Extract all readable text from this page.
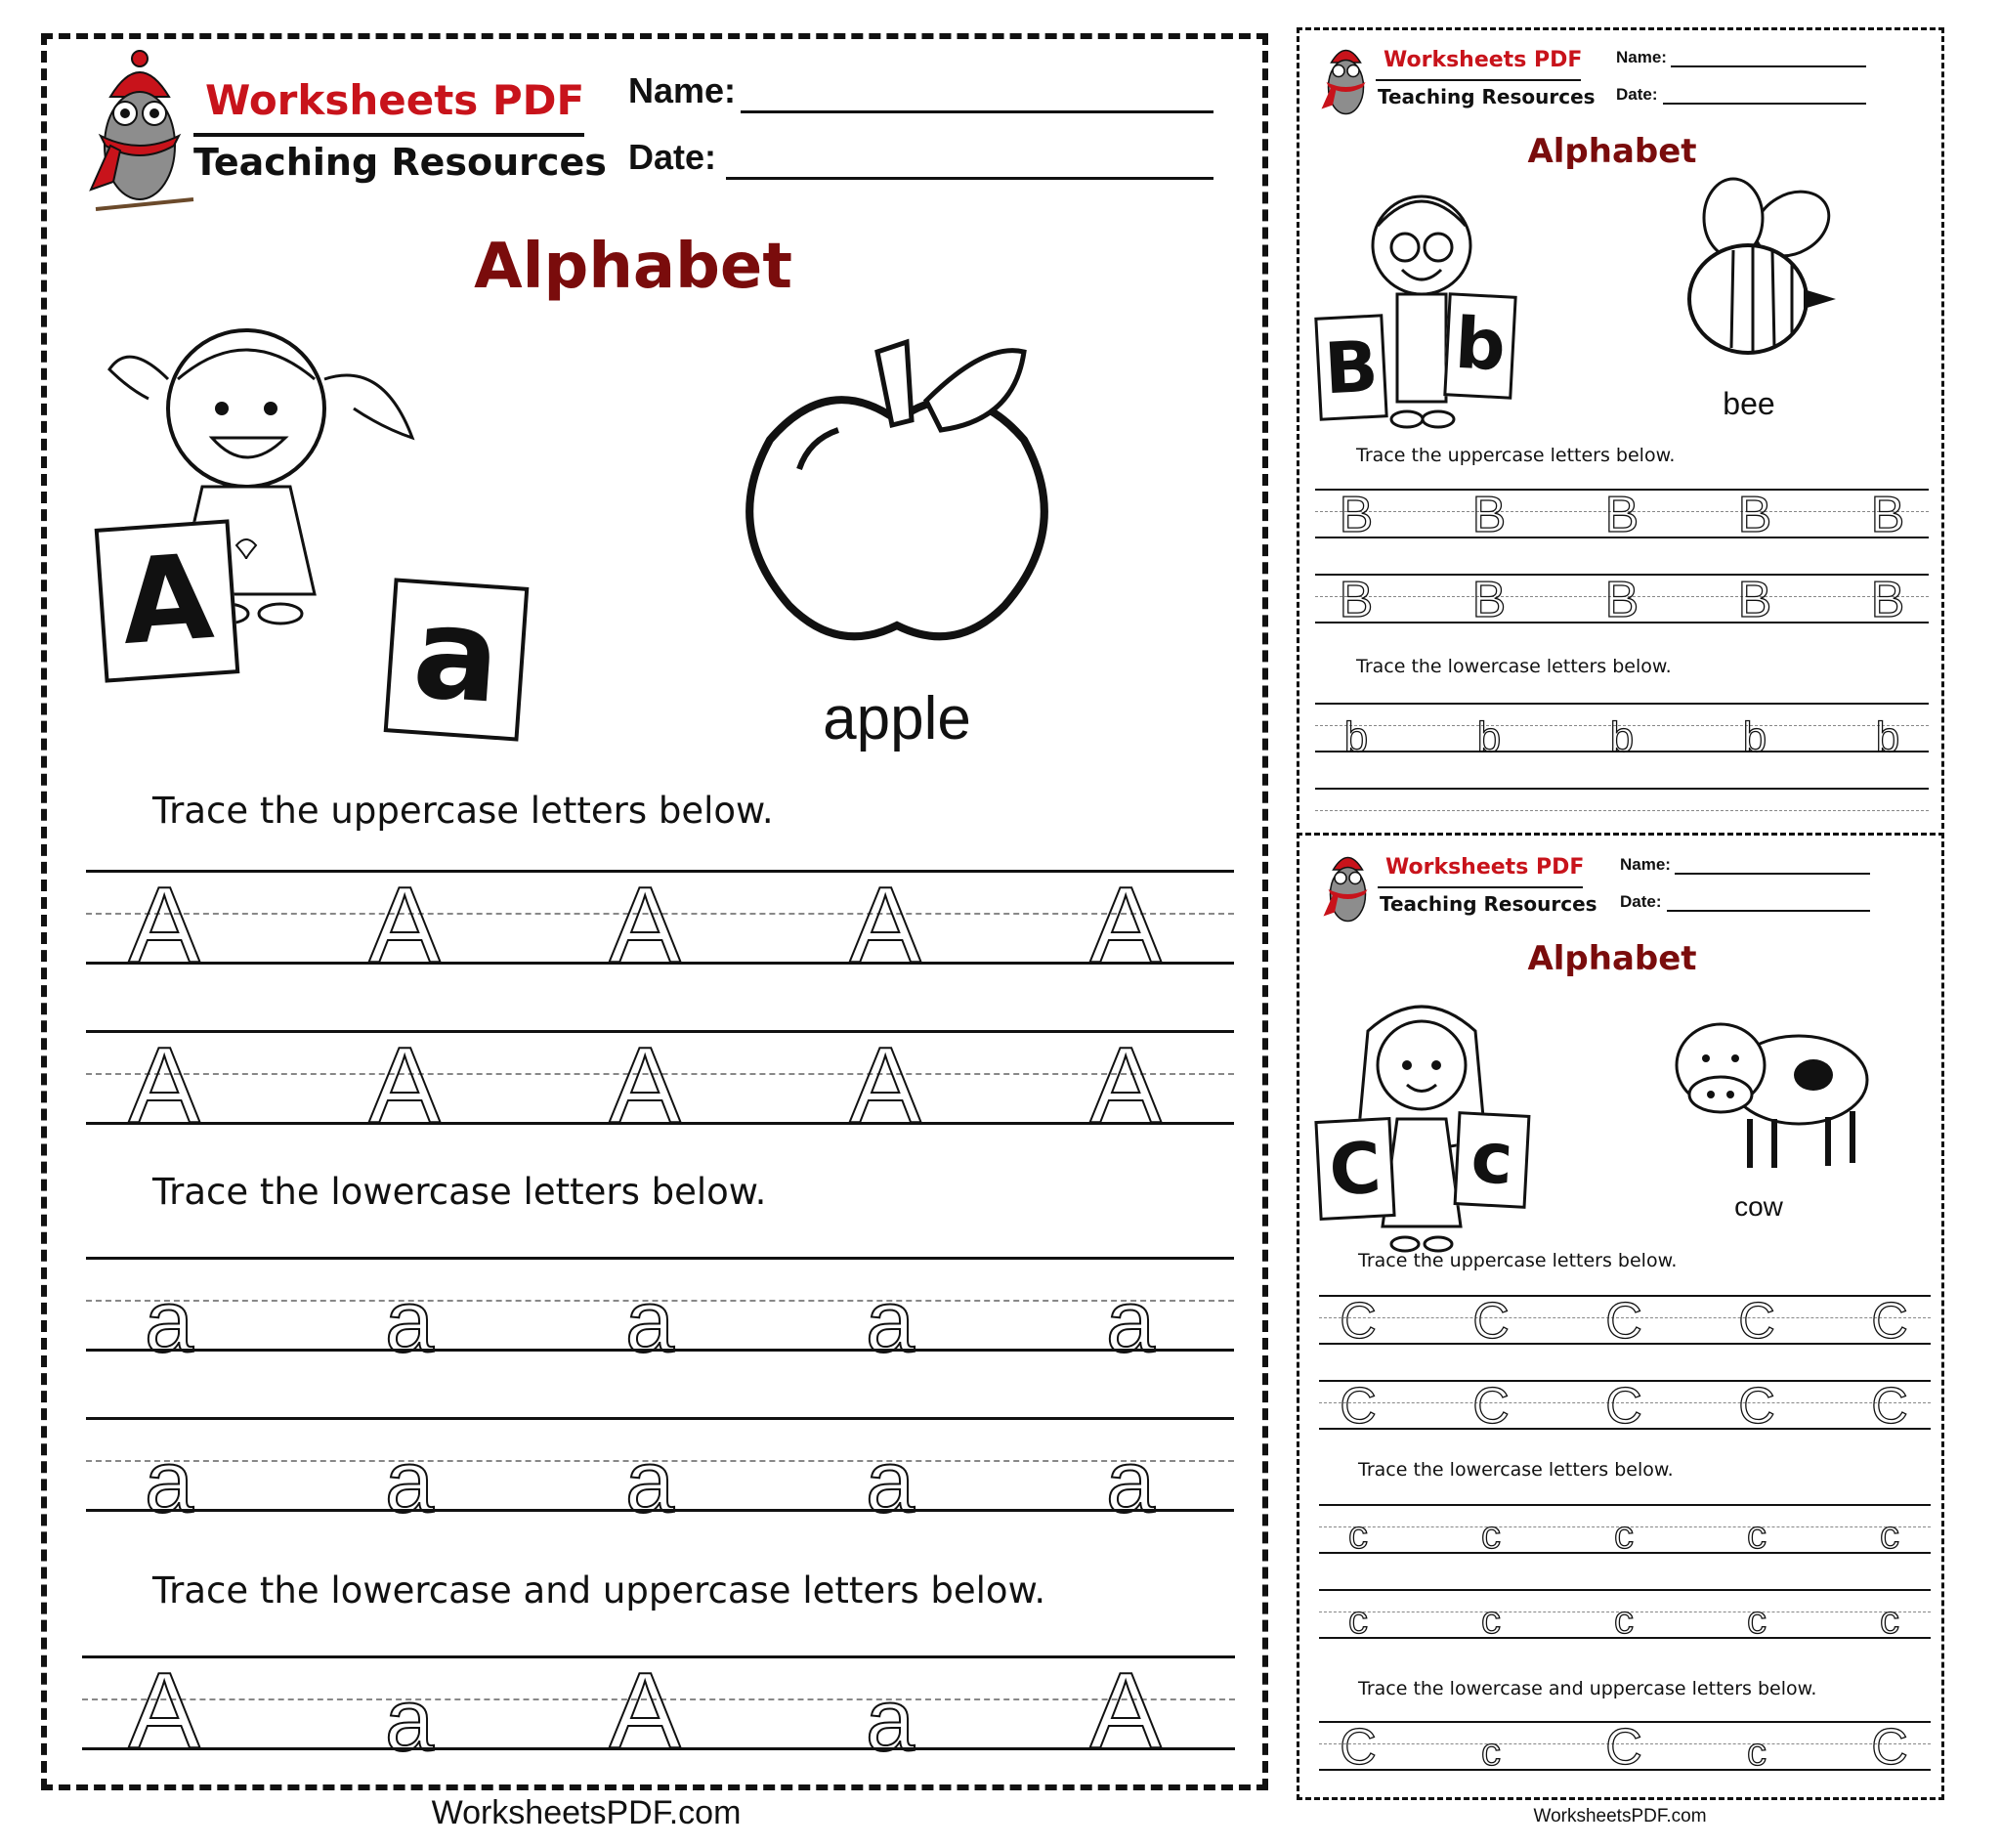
Worksheets PDF
Teaching Resources
Name:
Date:
Alphabet
A a	apple
Trace the uppercase letters below.
A A A A A
A A A A A
Trace the lowercase letters below.
a a a a a
a a a a a
Trace the lowercase and uppercase letters below.
A a A a A
WorksheetsPDF.com
Worksheets PDF
Teaching Resources
Name:
Date:
Alphabet
B b
bee
Trace the uppercase letters below.
B B B B B
B B B B B
Trace the lowercase letters below.
b	b	b	b	b
Worksheets PDF
Teaching Resources
Name:
Date:
Alphabet
C c
cow
Trace the uppercase letters below.
C C C C C
C C C C C
Trace the lowercase letters below.
c	c	c	c	c
c	c	c	c	c
Trace the lowercase and uppercase letters below.
C	c C	c C
WorksheetsPDF.com
